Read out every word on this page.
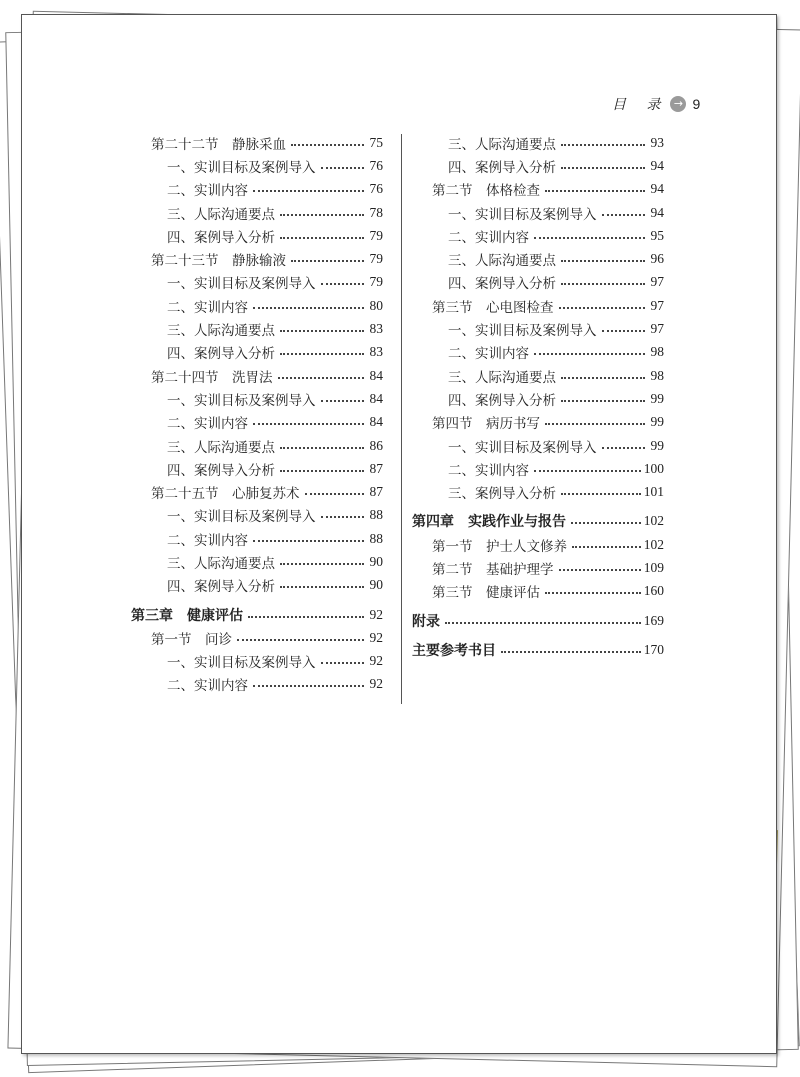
目 录 → 9
第二十二节　静脉采血	75
一、实训目标及案例导入	76
二、实训内容	76
三、人际沟通要点	78
四、案例导入分析	79
第二十三节　静脉输液	79
一、实训目标及案例导入	79
二、实训内容	80
三、人际沟通要点	83
四、案例导入分析	83
第二十四节　洗胃法	84
一、实训目标及案例导入	84
二、实训内容	84
三、人际沟通要点	86
四、案例导入分析	87
第二十五节　心肺复苏术	87
一、实训目标及案例导入	88
二、实训内容	88
三、人际沟通要点	90
四、案例导入分析	90
第三章　健康评估	92
第一节　问诊	92
一、实训目标及案例导入	92
二、实训内容	92
三、人际沟通要点	93
四、案例导入分析	94
第二节　体格检查	94
一、实训目标及案例导入	94
二、实训内容	95
三、人际沟通要点	96
四、案例导入分析	97
第三节　心电图检查	97
一、实训目标及案例导入	97
二、实训内容	98
三、人际沟通要点	98
四、案例导入分析	99
第四节　病历书写	99
一、实训目标及案例导入	99
二、实训内容	100
三、案例导入分析	101
第四章　实践作业与报告	102
第一节　护士人文修养	102
第二节　基础护理学	109
第三节　健康评估	160
附录	169
主要参考书目	170
